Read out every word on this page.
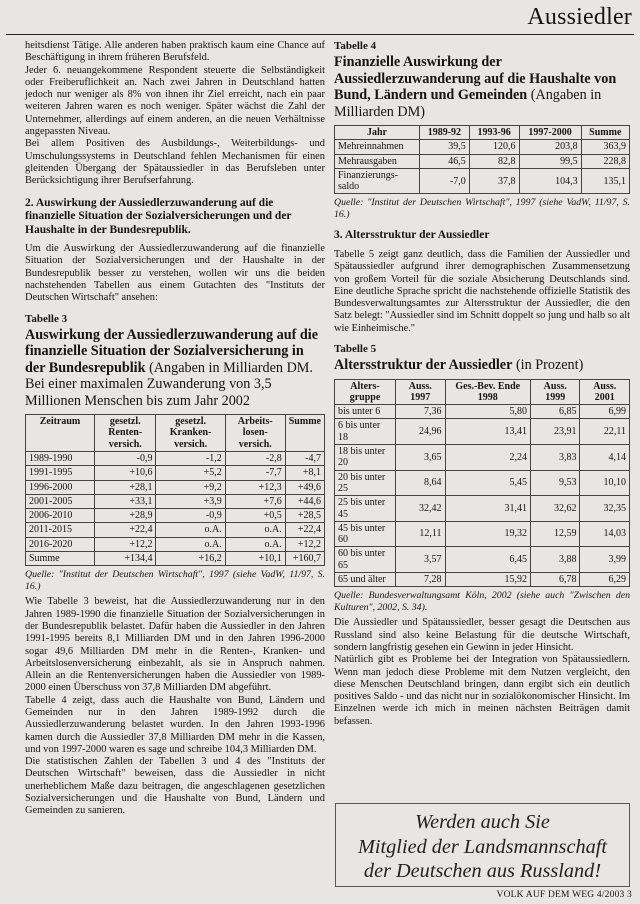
Aussiedler

heitsdienst Tätige. Alle anderen haben praktisch kaum eine Chance auf Beschäftigung in ihrem früheren Berufsfeld.

Jeder 6. neuangekommene Respondent steuerte die Selbständigkeit oder Freiberuflichkeit an. Nach zwei Jahren in Deutschland hatten jedoch nur weniger als 8% von ihnen ihr Ziel erreicht, nach ein paar weiteren Jahren waren es noch weniger. Später wächst die Zahl der Unternehmer, allerdings auf einem anderen, an die neuen Verhältnisse angepassten Niveau.

Bei allem Positiven des Ausbildungs-, Weiterbildungs- und Umschulungssystems in Deutschland fehlen Mechanismen für einen gleitenden Übergang der Spätaussiedler in das Berufsleben unter Berücksichtigung ihrer Berufserfahrung.

2. Auswirkung der Aussiedlerzuwanderung auf die finanzielle Situation der Sozialversicherungen und der Haushalte in der Bundesrepublik.

Um die Auswirkung der Aussiedlerzuwanderung auf die finanzielle Situation der Sozialversicherungen und der Haushalte in der Bundesrepublik besser zu verstehen, wollen wir uns die beiden nachstehenden Tabellen aus einem Gutachten des "Instituts der Deutschen Wirtschaft" ansehen:

Tabelle 3
Auswirkung der Aussiedlerzuwanderung auf die finanzielle Situation der Sozialversicherung in der Bundesrepublik (Angaben in Milliarden DM. Bei einer maximalen Zuwanderung von 3,5 Millionen Menschen bis zum Jahr 2002
Zeitraum	gesetzl. Renten-versich.	gesetzl. Kranken-versich.	Arbeits-losen-versich.	Summe
1989-1990	-0,9	-1,2	-2,8	-4,7
1991-1995	+10,6	+5,2	-7,7	+8,1
1996-2000	+28,1	+9,2	+12,3	+49,6
2001-2005	+33,1	+3,9	+7,6	+44,6
2006-2010	+28,9	-0,9	+0,5	+28,5
2011-2015	+22,4	o.A.	o.A.	+22,4
2016-2020	+12,2	o.A.	o.A.	+12,2
Summe	+134,4	+16,2	+10,1	+160,7
Quelle: "Institut der Deutschen Wirtschaft", 1997 (siehe VadW, 11/97, S. 16.)

Wie Tabelle 3 beweist, hat die Aussiedlerzuwanderung nur in den Jahren 1989-1990 die finanzielle Situation der Sozialversicherungen in der Bundesrepublik belastet. Dafür haben die Aussiedler in den Jahren 1991-1995 bereits 8,1 Milliarden DM und in den Jahren 1996-2000 sogar 49,6 Milliarden DM mehr in die Renten-, Kranken- und Arbeitslosenversicherung einbezahlt, als sie in Anspruch nahmen. Allein an die Rentenversicherungen haben die Aussiedler von 1989-2000 einen Überschuss von 37,8 Milliarden DM abgeführt.

Tabelle 4 zeigt, dass auch die Haushalte von Bund, Ländern und Gemeinden nur in den Jahren 1989-1992 durch die Aussiedlerzuwanderung belastet wurden. In den Jahren 1993-1996 kamen durch die Aussiedler 37,8 Milliarden DM mehr in die Kassen, und von 1997-2000 waren es sage und schreibe 104,3 Milliarden DM.

Die statistischen Zahlen der Tabellen 3 und 4 des "Instituts der Deutschen Wirtschaft" beweisen, dass die Aussiedler in nicht unerheblichem Maße dazu beitragen, die angeschlagenen gesetzlichen Sozialversicherungen und die Haushalte von Bund, Ländern und Gemeinden zu sanieren.

Tabelle 4
Finanzielle Auswirkung der Aussiedlerzuwanderung auf die Haushalte von Bund, Ländern und Gemeinden (Angaben in Milliarden DM)
Jahr	1989-92	1993-96	1997-2000	Summe
Mehreinnahmen	39,5	120,6	203,8	363,9
Mehrausgaben	46,5	82,8	99,5	228,8
Finanzierungs-saldo	-7,0	37,8	104,3	135,1
Quelle: "Institut der Deutschen Wirtschaft", 1997 (siehe VadW, 11/97, S. 16.)
3. Altersstruktur der Aussiedler

Tabelle 5 zeigt ganz deutlich, dass die Familien der Aussiedler und Spätaussiedler aufgrund ihrer demographischen Zusammensetzung von großem Vorteil für die soziale Absicherung Deutschlands sind. Eine deutliche Sprache spricht die nachstehende offizielle Statistik des Bundesverwaltungsamtes zur Altersstruktur der Aussiedler, die den Satz belegt: "Aussiedler sind im Schnitt doppelt so jung und halb so alt wie Einheimische."

Tabelle 5
Altersstruktur der Aussiedler (in Prozent)
Alters-gruppe	Auss. 1997	Ges.-Bev. Ende 1998	Auss. 1999	Auss. 2001
bis unter 6	7,36	5,80	6,85	6,99
6 bis unter 18	24,96	13,41	23,91	22,11
18 bis unter 20	3,65	2,24	3,83	4,14
20 bis unter 25	8,64	5,45	9,53	10,10
25 bis unter 45	32,42	31,41	32,62	32,35
45 bis unter 60	12,11	19,32	12,59	14,03
60 bis unter 65	3,57	6,45	3,88	3,99
65 und älter	7,28	15,92	6,78	6,29
Quelle: Bundesverwaltungsamt Köln, 2002 (siehe auch "Zwischen den Kulturen", 2002, S. 34).

Die Aussiedler und Spätaussiedler, besser gesagt die Deutschen aus Russland sind also keine Belastung für die deutsche Wirtschaft, sondern langfristig gesehen ein Gewinn in jeder Hinsicht.

Natürlich gibt es Probleme bei der Integration von Spätaussiedlern. Wenn man jedoch diese Probleme mit dem Nutzen vergleicht, den diese Menschen Deutschland bringen, dann ergibt sich ein deutlich positives Saldo - und das nicht nur in sozialökonomischer Hinsicht. Im Einzelnen werde ich mich in meinen nächsten Beiträgen damit befassen.

Werden auch Sie
Mitglied der Landsmannschaft
der Deutschen aus Russland!
VOLK AUF DEM WEG 4/2003 3
